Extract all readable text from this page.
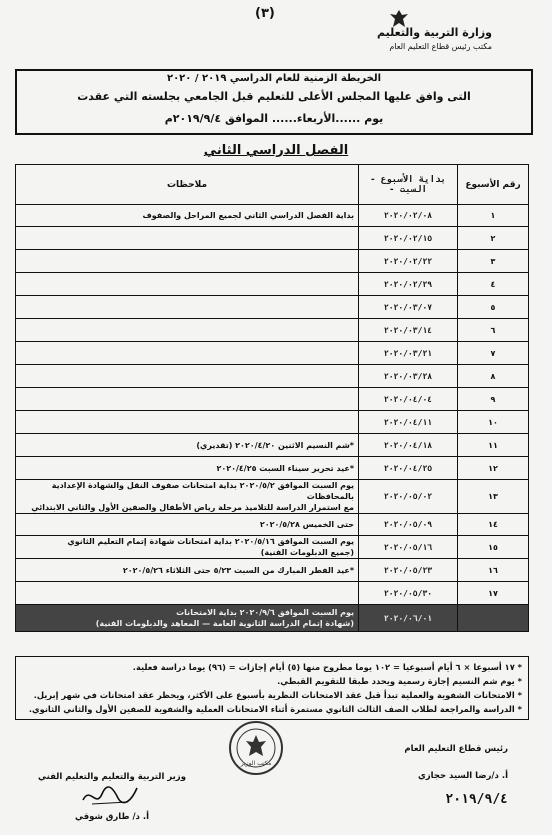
(٣)
وزارة التربية والتعليم
مكتب رئيس قطاع التعليم العام
الخريطة الزمنية للعام الدراسي ٢٠١٩ / ٢٠٢٠
التى وافق عليها المجلس الأعلى للتعليم قبل الجامعي بجلسته التي عقدت
يوم ......الأربعاء...... الموافق ٢٠١٩/٩/٤م
الفصل الدراسي الثاني
رقم الأسبوع	بداية الأسبوع - السبت -	ملاحظات
١	٢٠٢٠/٠٢/٠٨	بداية الفصل الدراسي الثاني لجميع المراحل والصفوف

٢	٢٠٢٠/٠٢/١٥	
٣	٢٠٢٠/٠٢/٢٢	
٤	٢٠٢٠/٠٢/٢٩	
٥	٢٠٢٠/٠٣/٠٧	
٦	٢٠٢٠/٠٣/١٤	
٧	٢٠٢٠/٠٣/٢١	
٨	٢٠٢٠/٠٣/٢٨	
٩	٢٠٢٠/٠٤/٠٤	
١٠	٢٠٢٠/٠٤/١١	
١١	٢٠٢٠/٠٤/١٨	*شم النسيم الاثنين ٢٠٢٠/٤/٢٠ (تقديري)

١٢	٢٠٢٠/٠٤/٢٥	*عيد تحرير سيناء السبت ٢٠٢٠/٤/٢٥

١٣	٢٠٢٠/٠٥/٠٢	يوم السبت الموافق ٢٠٢٠/٥/٢ بداية امتحانات صفوف النقل والشهادة الإعدادية بالمحافظات
مع استمرار الدراسة للتلاميذ مرحلة رياض الأطفال والصفين الأول والثاني الابتدائي

١٤	٢٠٢٠/٠٥/٠٩	حتى الخميس ٢٠٢٠/٥/٢٨

١٥	٢٠٢٠/٠٥/١٦	يوم السبت الموافق ٢٠٢٠/٥/١٦ بداية امتحانات شهادة إتمام التعليم الثانوي
(جميع الدبلومات الفنية)

١٦	٢٠٢٠/٠٥/٢٣	*عيد الفطر المبارك من السبت ٥/٢٣ حتى الثلاثاء ٢٠٢٠/٥/٢٦

١٧	٢٠٢٠/٠٥/٣٠	
	٢٠٢٠/٠٦/٠١	يوم السبت الموافق ٢٠٢٠/٩/٦ بداية الامتحانات
(شهادة إتمام الدراسة الثانوية العامة — المعاهد والدبلومات الفنية)
* ١٧ أسبوعا × ٦ أيام أسبوعيا = ١٠٢ يوما مطروح منها (٥) أيام إجازات = (٩٦) يوما دراسة فعلية.
* يوم شم النسيم إجازة رسمية ويحدد طبقا للتقويم القبطي.
* الامتحانات الشفوية والعملية تبدأ قبل عقد الامتحانات النظرية بأسبوع على الأكثر، ويحظر عقد امتحانات في شهر إبريل.
* الدراسة والمراجعة لطلاب الصف الثالث الثانوي مستمرة أثناء الامتحانات العملية والشفوية للصفين الأول والثاني الثانوي.
مكتب الوزير
رئيس قطاع التعليم العام
أ. د/رضا السيد حجازي
٢٠١٩/٩/٤
وزير التربية والتعليم والتعليم الفني
أ. د/ طارق شوقي
